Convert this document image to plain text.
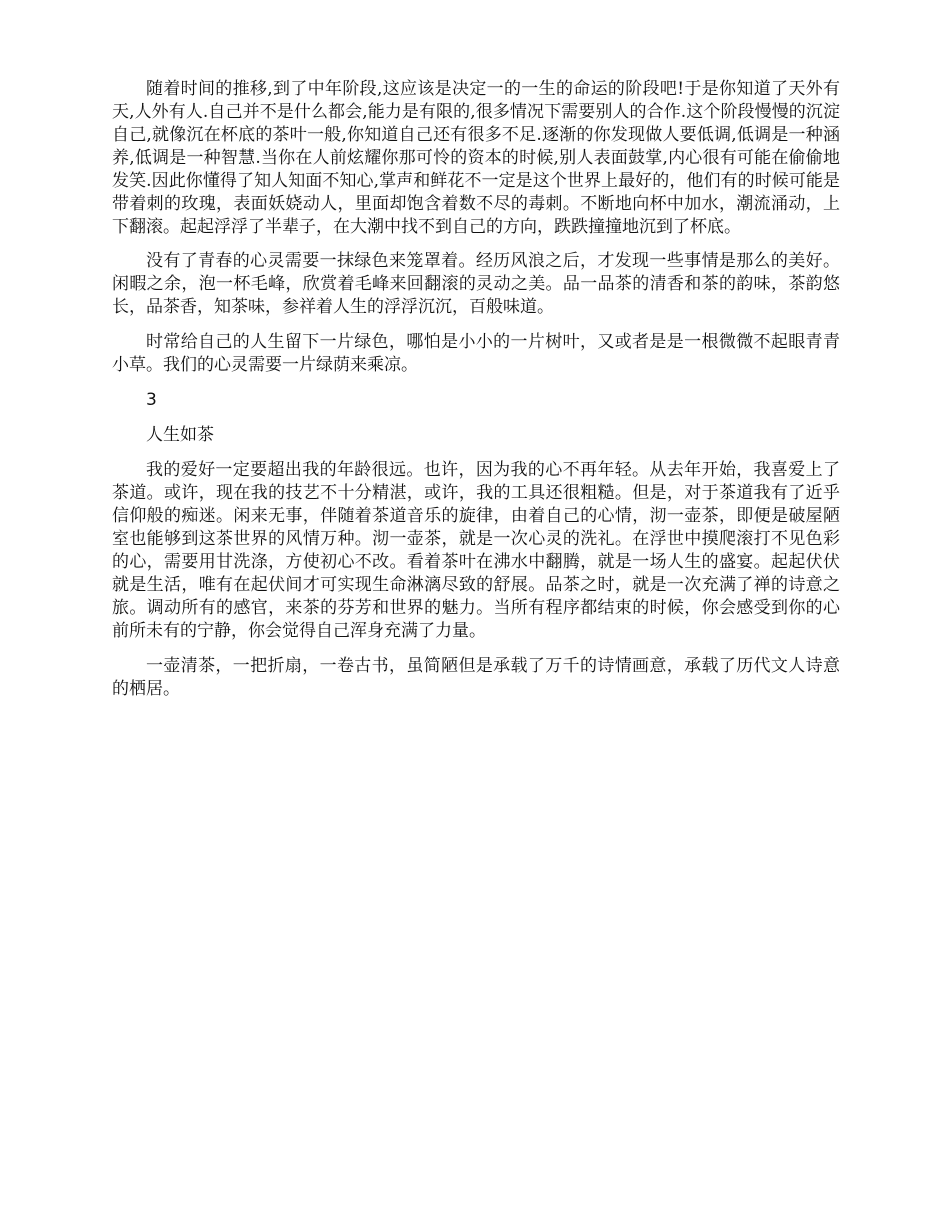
随着时间的推移,到了中年阶段,这应该是决定一的一生的命运的阶段吧!于是你知道了天外有天,人外有人.自己并不是什么都会,能力是有限的,很多情况下需要别人的合作.这个阶段慢慢的沉淀自己,就像沉在杯底的茶叶一般,你知道自己还有很多不足.逐渐的你发现做人要低调,低调是一种涵养,低调是一种智慧.当你在人前炫耀你那可怜的资本的时候,别人表面鼓掌,内心很有可能在偷偷地发笑.因此你懂得了知人知面不知心,掌声和鲜花不一定是这个世界上最好的，他们有的时候可能是带着刺的玫瑰，表面妖娆动人，里面却饱含着数不尽的毒刺。不断地向杯中加水，潮流涌动，上下翻滚。起起浮浮了半辈子，在大潮中找不到自己的方向，跌跌撞撞地沉到了杯底。

没有了青春的心灵需要一抹绿色来笼罩着。经历风浪之后，才发现一些事情是那么的美好。闲暇之余，泡一杯毛峰，欣赏着毛峰来回翻滚的灵动之美。品一品茶的清香和茶的韵味，茶韵悠长，品茶香，知茶味，参祥着人生的浮浮沉沉，百般味道。

时常给自己的人生留下一片绿色，哪怕是小小的一片树叶，又或者是是一根微微不起眼青青小草。我们的心灵需要一片绿荫来乘凉。

3

人生如茶

我的爱好一定要超出我的年龄很远。也许，因为我的心不再年轻。从去年开始，我喜爱上了茶道。或许，现在我的技艺不十分精湛，或许，我的工具还很粗糙。但是，对于茶道我有了近乎信仰般的痴迷。闲来无事，伴随着茶道音乐的旋律，由着自己的心情，沏一壶茶，即便是破屋陋室也能够到这茶世界的风情万种。沏一壶茶，就是一次心灵的洗礼。在浮世中摸爬滚打不见色彩的心，需要用甘洗涤，方使初心不改。看着茶叶在沸水中翻腾，就是一场人生的盛宴。起起伏伏就是生活，唯有在起伏间才可实现生命淋漓尽致的舒展。品茶之时，就是一次充满了禅的诗意之旅。调动所有的感官，来茶的芬芳和世界的魅力。当所有程序都结束的时候，你会感受到你的心前所未有的宁静，你会觉得自己浑身充满了力量。

一壶清茶，一把折扇，一卷古书，虽简陋但是承载了万千的诗情画意，承载了历代文人诗意的栖居。
